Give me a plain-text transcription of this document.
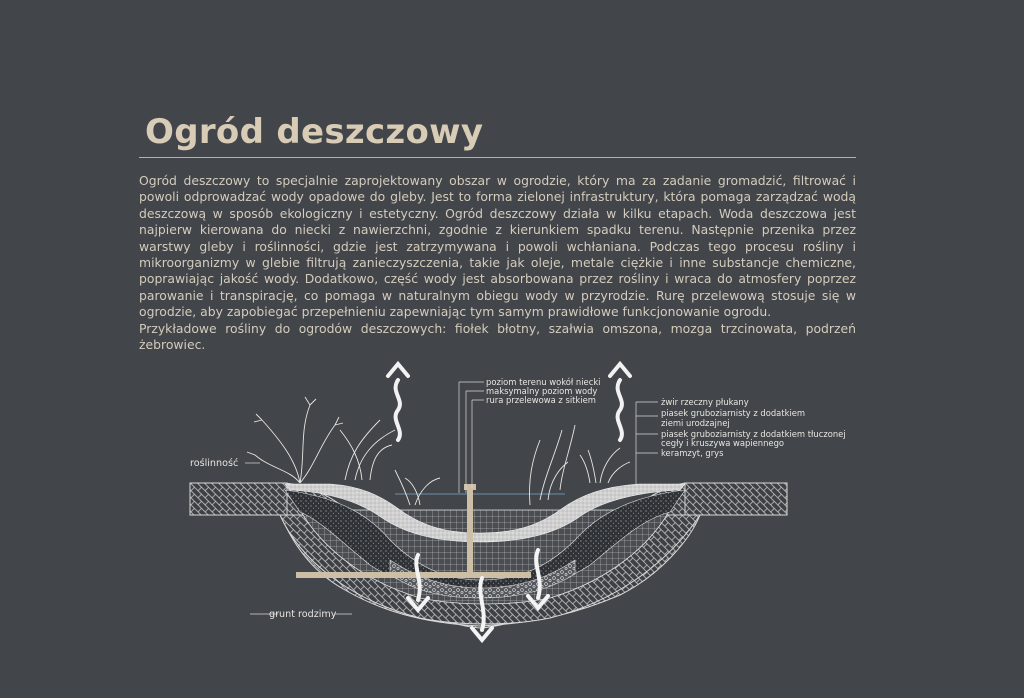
Ogród deszczowy

Ogród deszczowy to specjalnie zaprojektowany obszar w ogrodzie, który ma za zadanie gromadzić, filtrować i powoli odprowadzać wody opadowe do gleby. Jest to forma zielonej infrastruktury, która pomaga zarządzać wodą deszczową w sposób ekologiczny i estetyczny. Ogród deszczowy działa w kilku etapach. Woda deszczowa jest najpierw kierowana do niecki z nawierzchni, zgodnie z kierunkiem spadku terenu. Następnie przenika przez warstwy gleby i roślinności, gdzie jest zatrzymywana i powoli wchłaniana. Podczas tego procesu rośliny i mikroorganizmy w glebie filtrują zanieczyszczenia, takie jak oleje, metale ciężkie i inne substancje chemiczne, poprawiając jakość wody. Dodatkowo, część wody jest absorbowana przez rośliny i wraca do atmosfery poprzez parowanie i transpirację, co pomaga w naturalnym obiegu wody w przyrodzie. Rurę przelewową stosuje się w ogrodzie, aby zapobiegać przepełnieniu zapewniając tym samym prawidłowe funkcjonowanie ogrodu.

Przykładowe rośliny do ogrodów deszczowych: fiołek błotny, szałwia omszona, mozga trzcinowata, podrzeń żebrowiec.

roślinność
grunt rodzimy
poziom terenu wokół niecki
maksymalny poziom wody
rura przelewowa z sitkiem	żwir rzeczny płukany
piasek gruboziarnisty z dodatkiem
ziemi urodzajnej
piasek gruboziarnisty z dodatkiem tłuczonej
cegły i kruszywa wapiennego
keramzyt, grys
